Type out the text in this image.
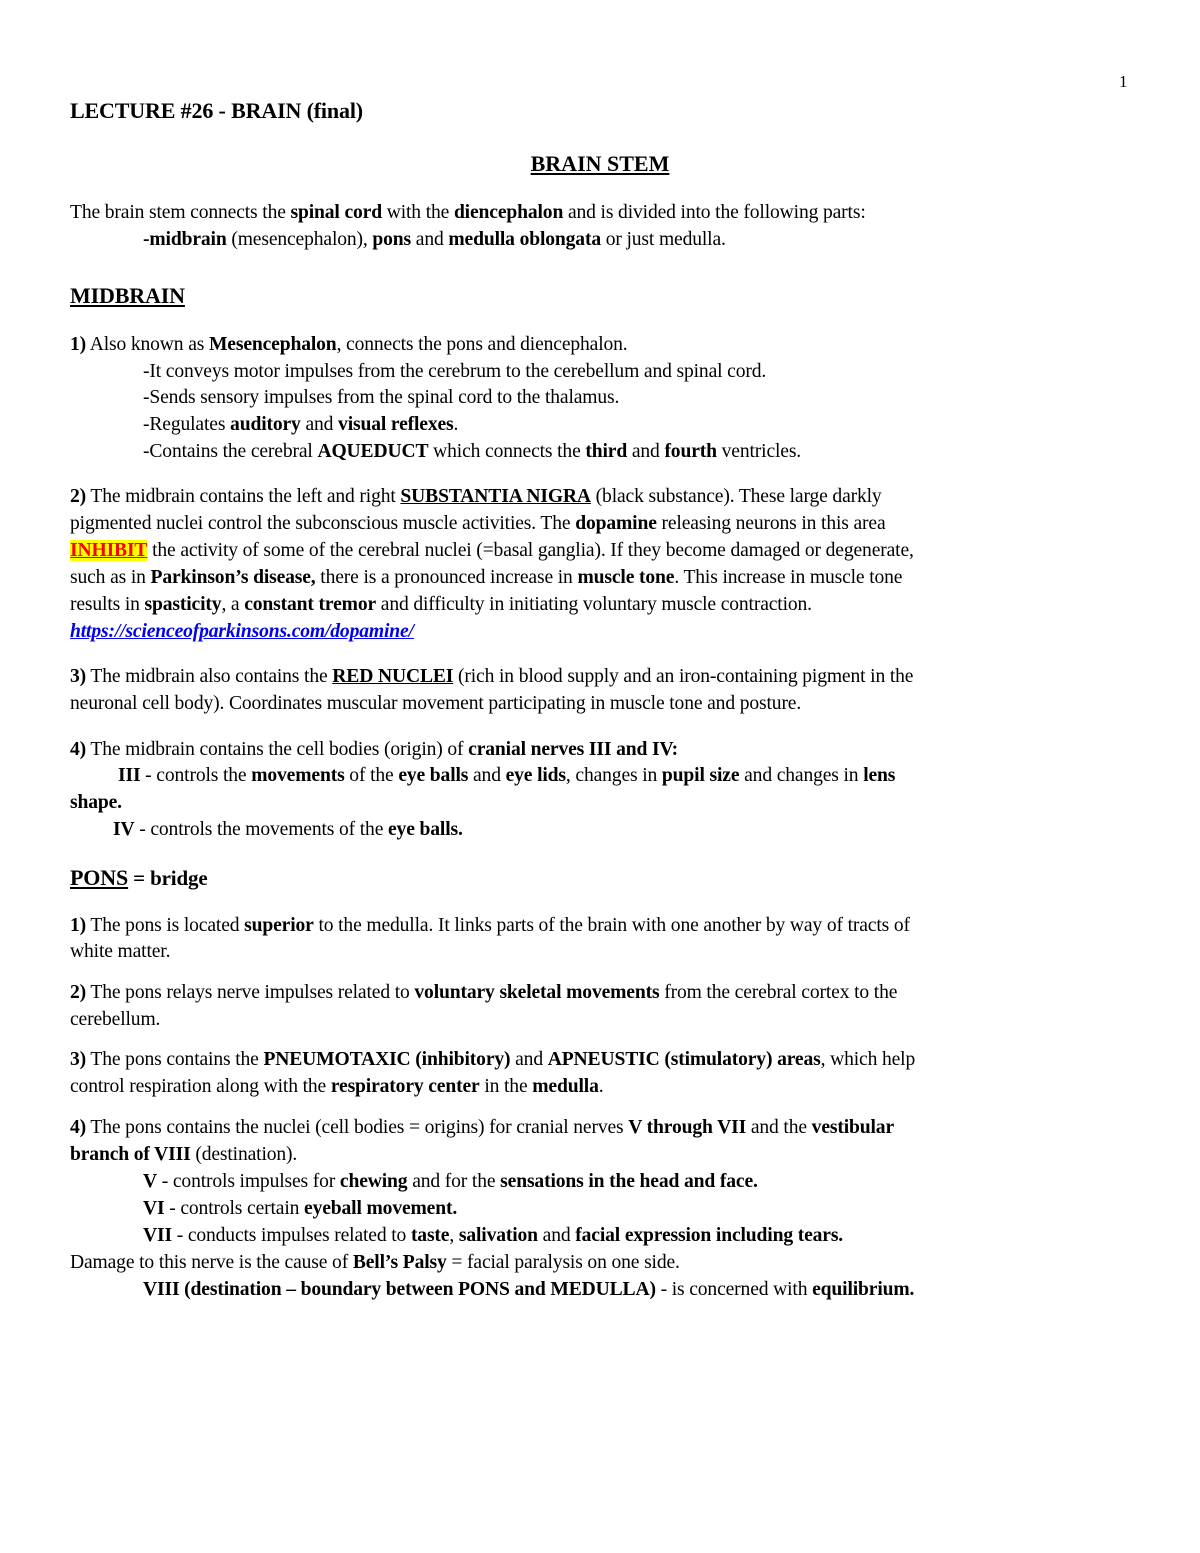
1
LECTURE #26 - BRAIN (final)
BRAIN STEM
The brain stem connects the spinal cord with the diencephalon and is divided into the following parts:
-midbrain (mesencephalon), pons and medulla oblongata or just medulla.
MIDBRAIN
1) Also known as Mesencephalon, connects the pons and diencephalon.
-It conveys motor impulses from the cerebrum to the cerebellum and spinal cord.
-Sends sensory impulses from the spinal cord to the thalamus.
-Regulates auditory and visual reflexes.
-Contains the cerebral AQUEDUCT which connects the third and fourth ventricles.
2) The midbrain contains the left and right SUBSTANTIA NIGRA (black substance). These large darkly
pigmented nuclei control the subconscious muscle activities. The dopamine releasing neurons in this area
INHIBIT the activity of some of the cerebral nuclei (=basal ganglia). If they become damaged or degenerate,
such as in Parkinson’s disease, there is a pronounced increase in muscle tone. This increase in muscle tone
results in spasticity, a constant tremor and difficulty in initiating voluntary muscle contraction.
https://scienceofparkinsons.com/dopamine/
3) The midbrain also contains the RED NUCLEI (rich in blood supply and an iron-containing pigment in the
neuronal cell body). Coordinates muscular movement participating in muscle tone and posture.
4) The midbrain contains the cell bodies (origin) of cranial nerves III and IV:
III - controls the movements of the eye balls and eye lids, changes in pupil size and changes in lens
shape.
IV - controls the movements of the eye balls.
PONS = bridge
1) The pons is located superior to the medulla. It links parts of the brain with one another by way of tracts of
white matter.
2) The pons relays nerve impulses related to voluntary skeletal movements from the cerebral cortex to the
cerebellum.
3) The pons contains the PNEUMOTAXIC (inhibitory) and APNEUSTIC (stimulatory) areas, which help
control respiration along with the respiratory center in the medulla.
4) The pons contains the nuclei (cell bodies = origins) for cranial nerves V through VII and the vestibular
branch of VIII (destination).
V - controls impulses for chewing and for the sensations in the head and face.
VI - controls certain eyeball movement.
VII - conducts impulses related to taste, salivation and facial expression including tears.
Damage to this nerve is the cause of Bell’s Palsy = facial paralysis on one side.
VIII (destination – boundary between PONS and MEDULLA) - is concerned with equilibrium.
